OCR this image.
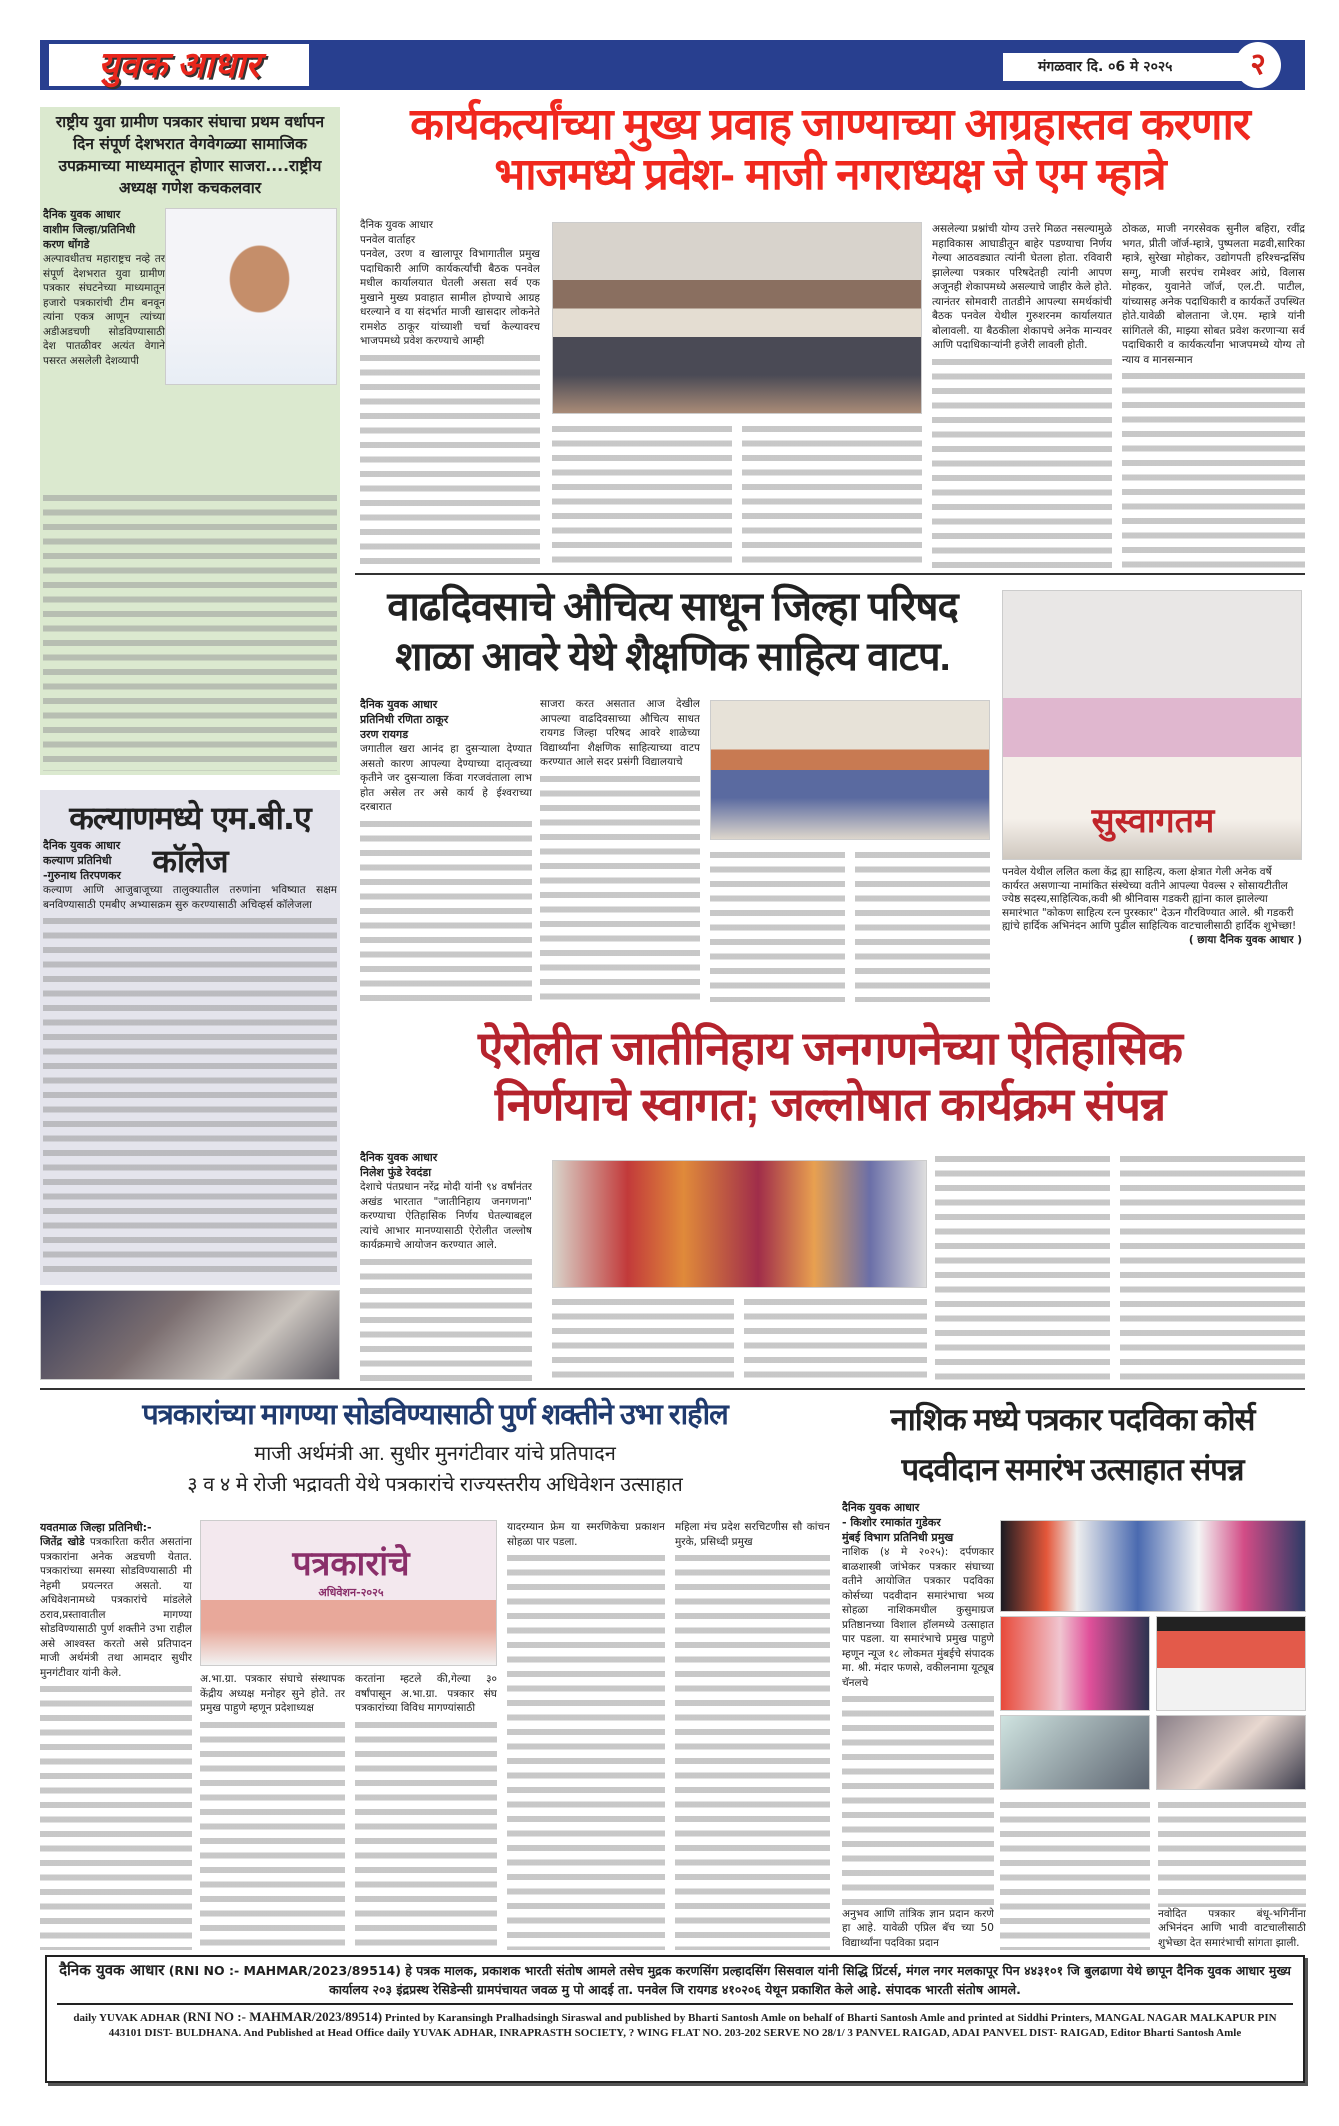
युवक आधार	मंगळवार दि. ०6 मे २०२५	२
राष्ट्रीय युवा ग्रामीण पत्रकार संघाचा प्रथम वर्धापन दिन संपूर्ण देशभरात वेगवेगळ्या सामाजिक उपक्रमाच्या माध्यमातून होणार साजरा....राष्ट्रीय अध्यक्ष गणेश कचकलवार
दैनिक युवक आधार
वाशीम जिल्हा/प्रतिनिधी
करण धोंगडे
अल्पावधीतच महाराष्ट्रच नव्हे तर संपूर्ण देशभरात युवा ग्रामीण पत्रकार संघटनेच्या माध्यमातून हजारो पत्रकारांची टीम बनवून त्यांना एकत्र आणून त्यांच्या अडीअडचणी सोडविण्यासाठी देश पातळीवर अत्यंत वेगाने पसरत असलेली देशव्यापी
कल्याणमध्ये एम.बी.ए कॉलेज
दैनिक युवक आधार
कल्याण प्रतिनिधी
-गुरुनाथ तिरपणकर
कल्याण आणि आजुबाजूच्या तालुक्यातील तरुणांना भविष्यात सक्षम बनविण्यासाठी एमबीए अभ्यासक्रम सुरु करण्यासाठी अचिव्हर्स कॉलेजला
कार्यकर्त्यांच्या मुख्य प्रवाह जाण्याच्या आग्रहास्तव करणार
भाजमध्ये प्रवेश- माजी नगराध्यक्ष जे एम म्हात्रे
दैनिक युवक आधार
पनवेल वार्ताहर
पनवेल, उरण व खालापूर विभागातील प्रमुख पदाधिकारी आणि कार्यकर्त्यांची बैठक पनवेल मधील कार्यालयात घेतली असता सर्व एक मुखाने मुख्य प्रवाहात सामील होण्याचे आग्रह धरल्याने व या संदर्भात माजी खासदार लोकनेते रामशेठ ठाकूर यांच्याशी चर्चा केल्यावरच भाजपमध्ये प्रवेश करण्याचे आम्ही
असलेल्या प्रश्नांची योग्य उत्तरे मिळत नसल्यामुळे महाविकास आघाडीतून बाहेर पडण्याचा निर्णय गेल्या आठवड्यात त्यांनी घेतला होता. रविवारी झालेल्या पत्रकार परिषदेतही त्यांनी आपण अजूनही शेकापमध्ये असल्याचे जाहीर केले होते. त्यानंतर सोमवारी तातडीने आपल्या समर्थकांची बैठक पनवेल येथील गुरुशरनम कार्यालयात बोलावली. या बैठकीला शेकापचे अनेक मान्यवर आणि पदाधिकाऱ्यांनी हजेरी लावली होती.
ठोकळ, माजी नगरसेवक सुनील बहिरा, रवींद्र भगत, प्रीती जॉर्ज-म्हात्रे, पुष्पलता मढवी,सारिका म्हात्रे, सुरेखा मोहोकर, उद्योगपती हरिश्चन्द्रसिंघ सग्गु, माजी सरपंच रामेश्वर आंग्रे, विलास मोहकर, युवानेते जॉर्ज, एल.टी. पाटील, यांच्यासह अनेक पदाधिकारी व कार्यकर्ते उपस्थित होते.यावेळी बोलताना जे.एम. म्हात्रे यांनी सांगितले की, माझ्या सोबत प्रवेश करणाऱ्या सर्व पदाधिकारी व कार्यकर्त्यांना भाजपमध्ये योग्य तो न्याय व मानसन्मान
वाढदिवसाचे औचित्य साधून जिल्हा परिषद
शाळा आवरे येथे शैक्षणिक साहित्य वाटप.
दैनिक युवक आधार
प्रतिनिधी रणिता ठाकूर
उरण रायगड
जगातील खरा आनंद हा दुसऱ्याला देण्यात असतो कारण आपल्या देण्याच्या दातृत्वच्या कृतीने जर दुसऱ्याला किंवा गरजवंताला लाभ होत असेल तर असे कार्य हे ईश्वराच्या दरबारात
साजरा करत असतात आज देखील आपल्या वाढदिवसाच्या औचित्य साधत रायगड जिल्हा परिषद आवरे शाळेच्या विद्यार्थ्यांना शैक्षणिक साहित्याच्या वाटप करण्यात आले सदर प्रसंगी विद्यालयाचे
सुस्वागतम
पनवेल येथील ललित कला केंद्र ह्या साहित्य, कला क्षेत्रात गेली अनेक वर्षे कार्यरत असणाऱ्या नामांकित संस्थेच्या वतीने आपल्या पेवल्स २ सोसायटीतील ज्येष्ठ सदस्य,साहित्यिक,कवी श्री श्रीनिवास गडकरी ह्यांना काल झालेल्या समारंभात "कोकण साहित्य रत्न पुरस्कार" देऊन गौरविण्यात आले. श्री गडकरी ह्यांचे हार्दिक अभिनंदन आणि पुढील साहित्यिक वाटचालीसाठी हार्दिक शुभेच्छा!
( छाया दैनिक युवक आधार )
ऐरोलीत जातीनिहाय जनगणनेच्या ऐतिहासिक
निर्णयाचे स्वागत; जल्लोषात कार्यक्रम संपन्न
दैनिक युवक आधार
निलेश फुंडे रेवदंडा
देशाचे पंतप्रधान नरेंद्र मोदी यांनी ९४ वर्षांनंतर अखंड भारतात "जातीनिहाय जनगणना" करण्याचा ऐतिहासिक निर्णय घेतल्याबद्दल त्यांचे आभार मानण्यासाठी ऐरोलीत जल्लोष कार्यक्रमाचे आयोजन करण्यात आले.
पत्रकारांच्या मागण्या सोडविण्यासाठी पुर्ण शक्तीने उभा राहील
माजी अर्थमंत्री आ. सुधीर मुनगंटीवार यांचे प्रतिपादन
३ व ४ मे रोजी भद्रावती येथे पत्रकारांचे राज्यस्तरीय अधिवेशन उत्साहात
यवतमाळ जिल्हा प्रतिनिधी:-
जितेंद्र खोडे पत्रकारिता करीत असतांना पत्रकारांना अनेक अडचणी येतात. पत्रकारांच्या समस्या सोडविण्यासाठी मी नेहमी प्रयत्नरत असतो. या अधिवेशनामध्ये पत्रकारांचे मांडलेले ठराव,प्रस्तावातील मागण्या सोडविण्यासाठी पुर्ण शक्तीने उभा राहील असे आश्वस्त करतो असे प्रतिपादन माजी अर्थमंत्री तथा आमदार सुधीर मुनगंटीवार यांनी केले.
पत्रकारांचे
अधिवेशन-२०२५
अ.भा.ग्रा. पत्रकार संघाचे संस्थापक केंद्रीय अध्यक्ष मनोहर सुने होते. तर प्रमुख पाहुणे म्हणून प्रदेशाध्यक्ष
करतांना म्हटले की,गेल्या ३० वर्षांपासून अ.भा.ग्रा. पत्रकार संघ पत्रकारांच्या विविध मागण्यांसाठी
यादरम्यान फ्रेम या स्मरणिकेचा प्रकाशन सोहळा पार पडला.
महिला मंच प्रदेश सरचिटणीस सौ कांचन मुरके, प्रसिध्दी प्रमुख
नाशिक मध्ये पत्रकार पदविका कोर्स
पदवीदान समारंभ उत्साहात संपन्न
दैनिक युवक आधार
- किशोर रमाकांत गुडेकर
मुंबई विभाग प्रतिनिधी प्रमुख
नाशिक (४ मे २०२५): दर्पणकार बाळशास्त्री जांभेकर पत्रकार संघाच्या वतीने आयोजित पत्रकार पदविका कोर्सच्या पदवीदान समारंभाचा भव्य सोहळा नाशिकमधील कुसुमाग्रज प्रतिष्ठानच्या विशाल हॉलमध्ये उत्साहात पार पडला. या समारंभाचे प्रमुख पाहुणे म्हणून न्यूज १८ लोकमत मुंबईचे संपादक मा. श्री. मंदार फणसे, वकीलनामा यूट्यूब चॅनलचे
अनुभव आणि तांत्रिक ज्ञान प्रदान करणे हा आहे. यावेळी एप्रिल बॅच च्या 50 विद्यार्थ्यांना पदविका प्रदान
नवोदित पत्रकार बंधू-भगिनींना अभिनंदन आणि भावी वाटचालीसाठी शुभेच्छा देत समारंभाची सांगता झाली.
दैनिक युवक आधार (RNI NO :- MAHMAR/2023/89514) हे पत्रक मालक, प्रकाशक भारती संतोष आमले तसेच मुद्रक करणसिंग प्रल्हादसिंग सिसवाल यांनी सिद्धि प्रिंटर्स, मंगल नगर मलकापूर पिन ४४३१०१ जि बुलढाणा येथे छापून दैनिक युवक आधार मुख्य कार्यालय २०३ इंद्रप्रस्थ रेसिडेन्सी ग्रामपंचायत जवळ मु पो आदई ता. पनवेल जि रायगड ४१०२०६ येथून प्रकाशित केले आहे. संपादक भारती संतोष आमले.
daily YUVAK ADHAR (RNI NO :- MAHMAR/2023/89514) Printed by Karansingh Pralhadsingh Siraswal and published by Bharti Santosh Amle on behalf of Bharti Santosh Amle and printed at Siddhi Printers, MANGAL NAGAR MALKAPUR PIN 443101 DIST- BULDHANA. And Published at Head Office daily YUVAK ADHAR, INRAPRASTH SOCIETY, ? WING FLAT NO. 203-202 SERVE NO 28/1/ 3 PANVEL RAIGAD, ADAI PANVEL DIST- RAIGAD, Editor Bharti Santosh Amle
